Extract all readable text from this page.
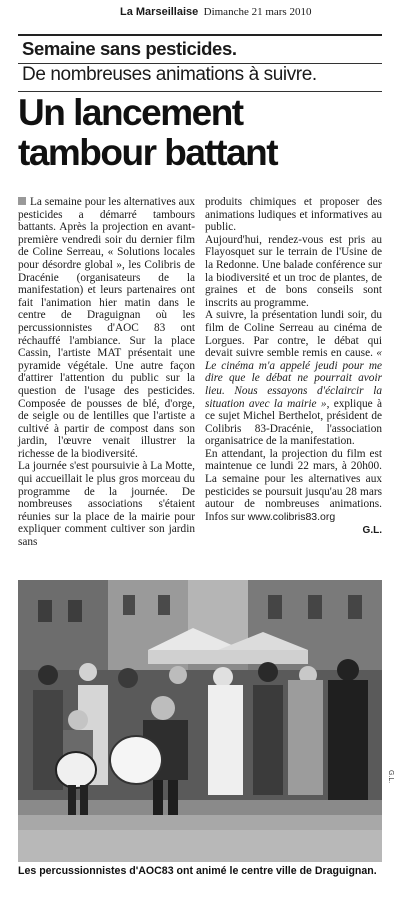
La Marseillaise Dimanche 21 mars 2010
Semaine sans pesticides.
De nombreuses animations à suivre.
Un lancement tambour battant

La semaine pour les alternatives aux pesticides a démarré tambours battants. Après la projection en avant-première vendredi soir du dernier film de Coline Serreau, « Solutions locales pour désordre global », les Colibris de Dracénie (organisateurs de la manifestation) et leurs partenaires ont fait l'animation hier matin dans le centre de Draguignan où les percussionnistes d'AOC 83 ont réchauffé l'ambiance. Sur la place Cassin, l'artiste MAT présentait une pyramide végétale. Une autre façon d'attirer l'attention du public sur la question de l'usage des pesticides. Composée de pousses de blé, d'orge, de seigle ou de lentilles que l'artiste a cultivé à partir de compost dans son jardin, l'œuvre venait illustrer la richesse de la biodiversité.

La journée s'est poursuivie à La Motte, qui accueillait le plus gros morceau du programme de la journée. De nombreuses associations s'étaient réunies sur la place de la mairie pour expliquer comment cultiver son jardin sans

produits chimiques et proposer des animations ludiques et informatives au public.

Aujourd'hui, rendez-vous est pris au Flayosquet sur le terrain de l'Usine de la Redonne. Une balade conférence sur la biodiversité et un troc de plantes, de graines et de bons conseils sont inscrits au programme.

A suivre, la présentation lundi soir, du film de Coline Serreau au cinéma de Lorgues. Par contre, le débat qui devait suivre semble remis en cause. « Le cinéma m'a appelé jeudi pour me dire que le débat ne pourrait avoir lieu. Nous essayons d'éclaircir la situation avec la mairie », explique à ce sujet Michel Berthelot, président de Colibris 83-Dracénie, l'association organisatrice de la manifestation.

En attendant, la projection du film est maintenue ce lundi 22 mars, à 20h00. La semaine pour les alternatives aux pesticides se poursuit jusqu'au 28 mars autour de nombreuses animations. Infos sur www.colibris83.org

G.L.
G.L.
Les percussionnistes d'AOC83 ont animé le centre ville de Draguignan.
